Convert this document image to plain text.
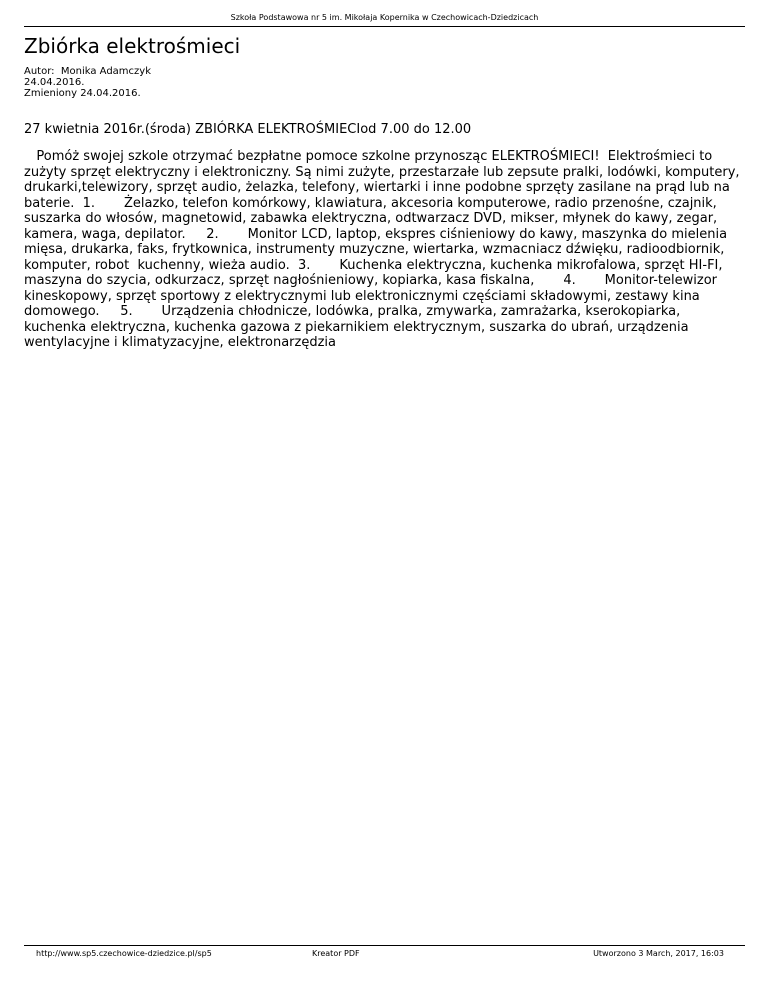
Szkoła Podstawowa nr 5 im. Mikołaja Kopernika w Czechowicach-Dziedzicach
Zbiórka elektrośmieci
Autor:  Monika Adamczyk
24.04.2016.
Zmieniony 24.04.2016.
27 kwietnia 2016r.(środa) ZBIÓRKA ELEKTROŚMIECIod 7.00 do 12.00
Pomóż swojej szkole otrzymać bezpłatne pomoce szkolne przynosząc ELEKTROŚMIECI!  Elektrośmieci to zużyty sprzęt elektryczny i elektroniczny. Są nimi zużyte, przestarzałe lub zepsute pralki, lodówki, komputery, drukarki,telewizory, sprzęt audio, żelazka, telefony, wiertarki i inne podobne sprzęty zasilane na prąd lub na baterie.  1.       Żelazko, telefon komórkowy, klawiatura, akcesoria komputerowe, radio przenośne, czajnik, suszarka do włosów, magnetowid, zabawka elektryczna, odtwarzacz DVD, mikser, młynek do kawy, zegar, kamera, waga, depilator.     2.       Monitor LCD, laptop, ekspres ciśnieniowy do kawy, maszynka do mielenia mięsa, drukarka, faks, frytkownica, instrumenty muzyczne, wiertarka, wzmacniacz dźwięku, radioodbiornik, komputer, robot  kuchenny, wieża audio.  3.       Kuchenka elektryczna, kuchenka mikrofalowa, sprzęt HI-FI, maszyna do szycia, odkurzacz, sprzęt nagłośnieniowy, kopiarka, kasa fiskalna,       4.       Monitor-telewizor kineskopowy, sprzęt sportowy z elektrycznymi lub elektronicznymi częściami składowymi, zestawy kina domowego.     5.       Urządzenia chłodnicze, lodówka, pralka, zmywarka, zamrażarka, kserokopiarka, kuchenka elektryczna, kuchenka gazowa z piekarnikiem elektrycznym, suszarka do ubrań, urządzenia wentylacyjne i klimatyzacyjne, elektronarzędzia
http://www.sp5.czechowice-dziedzice.pl/sp5	Kreator PDF	Utworzono 3 March, 2017, 16:03
